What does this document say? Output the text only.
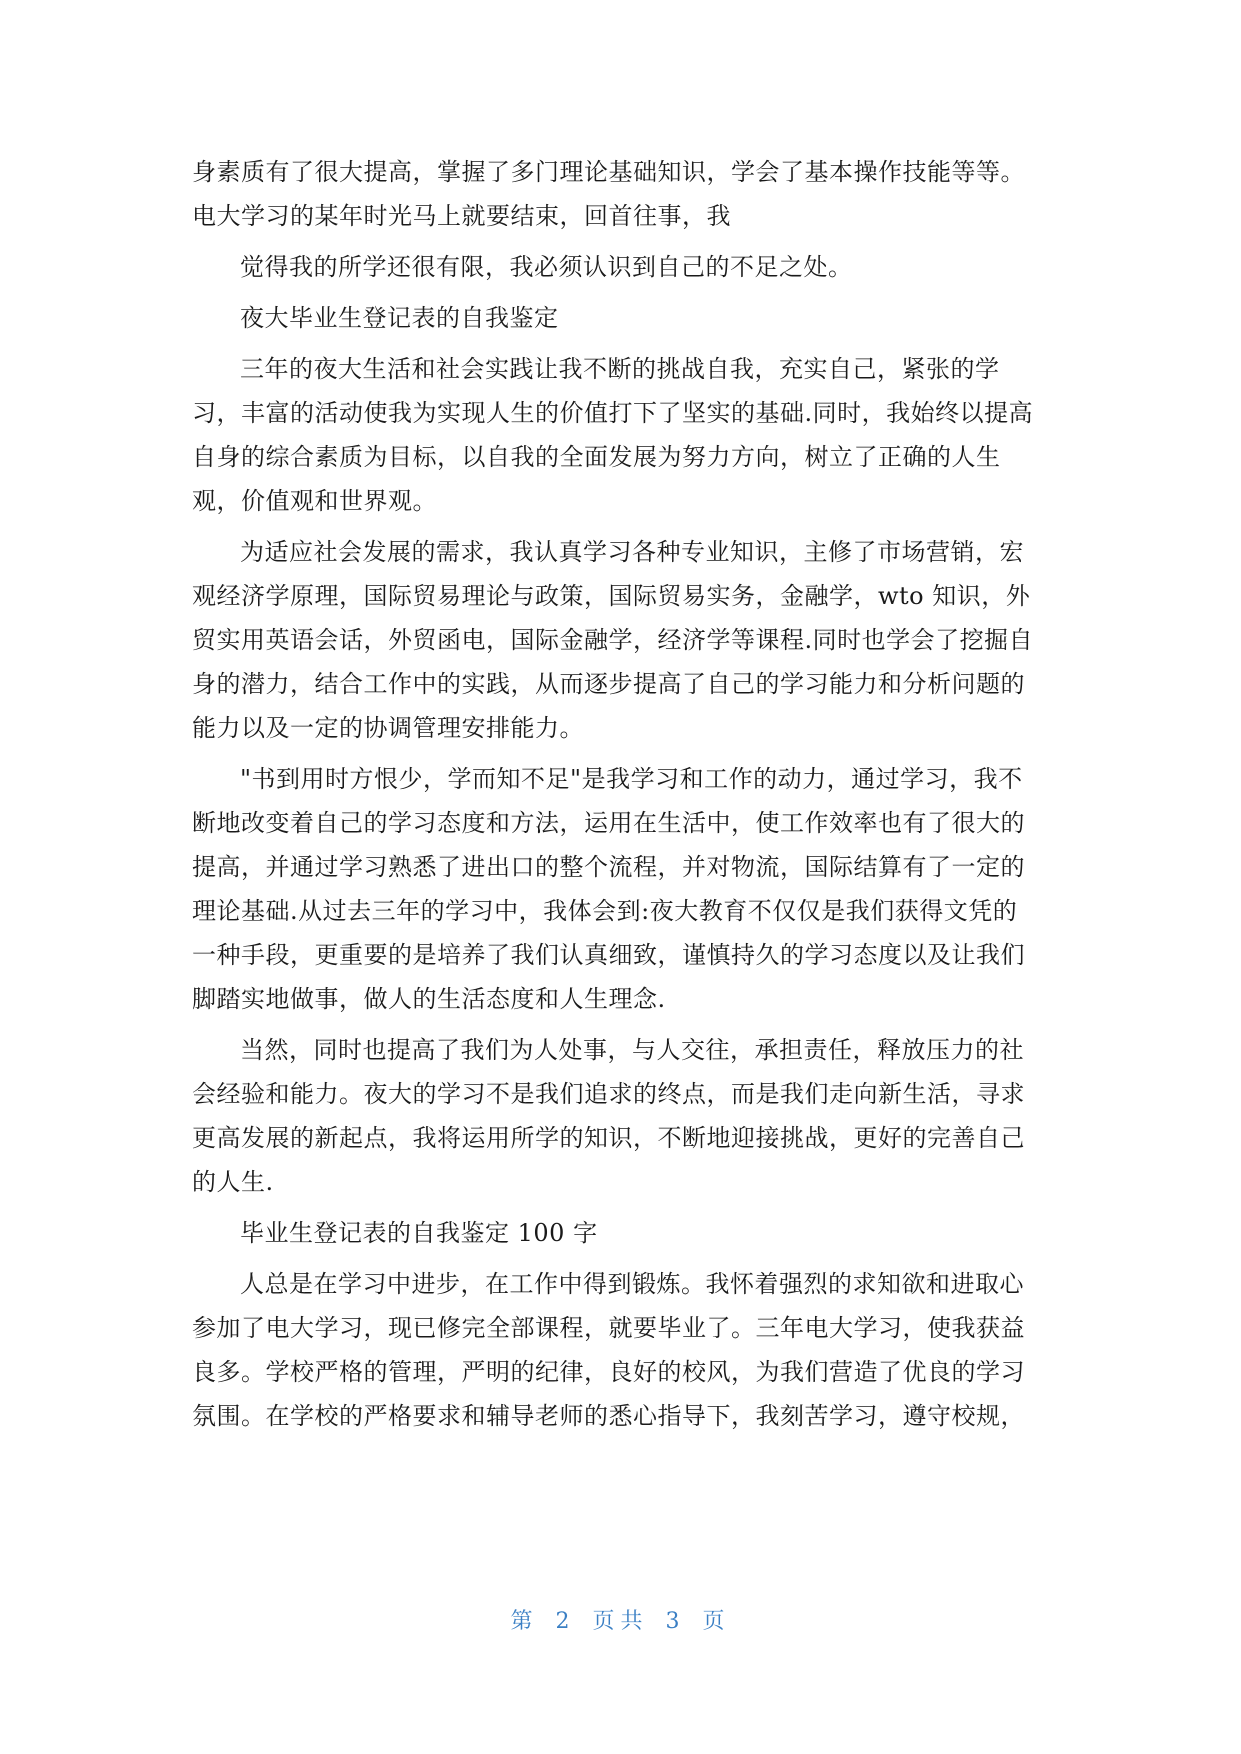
身素质有了很大提高，掌握了多门理论基础知识，学会了基本操作技能等等。
电大学习的某年时光马上就要结束，回首往事，我
觉得我的所学还很有限，我必须认识到自己的不足之处。
夜大毕业生登记表的自我鉴定
三年的夜大生活和社会实践让我不断的挑战自我，充实自己，紧张的学
习，丰富的活动使我为实现人生的价值打下了坚实的基础.同时，我始终以提高
自身的综合素质为目标，以自我的全面发展为努力方向，树立了正确的人生
观，价值观和世界观。
为适应社会发展的需求，我认真学习各种专业知识，主修了市场营销，宏
观经济学原理，国际贸易理论与政策，国际贸易实务，金融学，wto 知识，外
贸实用英语会话，外贸函电，国际金融学，经济学等课程.同时也学会了挖掘自
身的潜力，结合工作中的实践，从而逐步提高了自己的学习能力和分析问题的
能力以及一定的协调管理安排能力。
"书到用时方恨少，学而知不足"是我学习和工作的动力，通过学习，我不
断地改变着自己的学习态度和方法，运用在生活中，使工作效率也有了很大的
提高，并通过学习熟悉了进出口的整个流程，并对物流，国际结算有了一定的
理论基础.从过去三年的学习中，我体会到:夜大教育不仅仅是我们获得文凭的
一种手段，更重要的是培养了我们认真细致，谨慎持久的学习态度以及让我们
脚踏实地做事，做人的生活态度和人生理念.
当然，同时也提高了我们为人处事，与人交往，承担责任，释放压力的社
会经验和能力。夜大的学习不是我们追求的终点，而是我们走向新生活，寻求
更高发展的新起点，我将运用所学的知识，不断地迎接挑战，更好的完善自己
的人生.
毕业生登记表的自我鉴定 100 字
人总是在学习中进步，在工作中得到锻炼。我怀着强烈的求知欲和进取心
参加了电大学习，现已修完全部课程，就要毕业了。三年电大学习，使我获益
良多。学校严格的管理，严明的纪律，良好的校风，为我们营造了优良的学习
氛围。在学校的严格要求和辅导老师的悉心指导下，我刻苦学习，遵守校规，
第 2 页共 3 页
